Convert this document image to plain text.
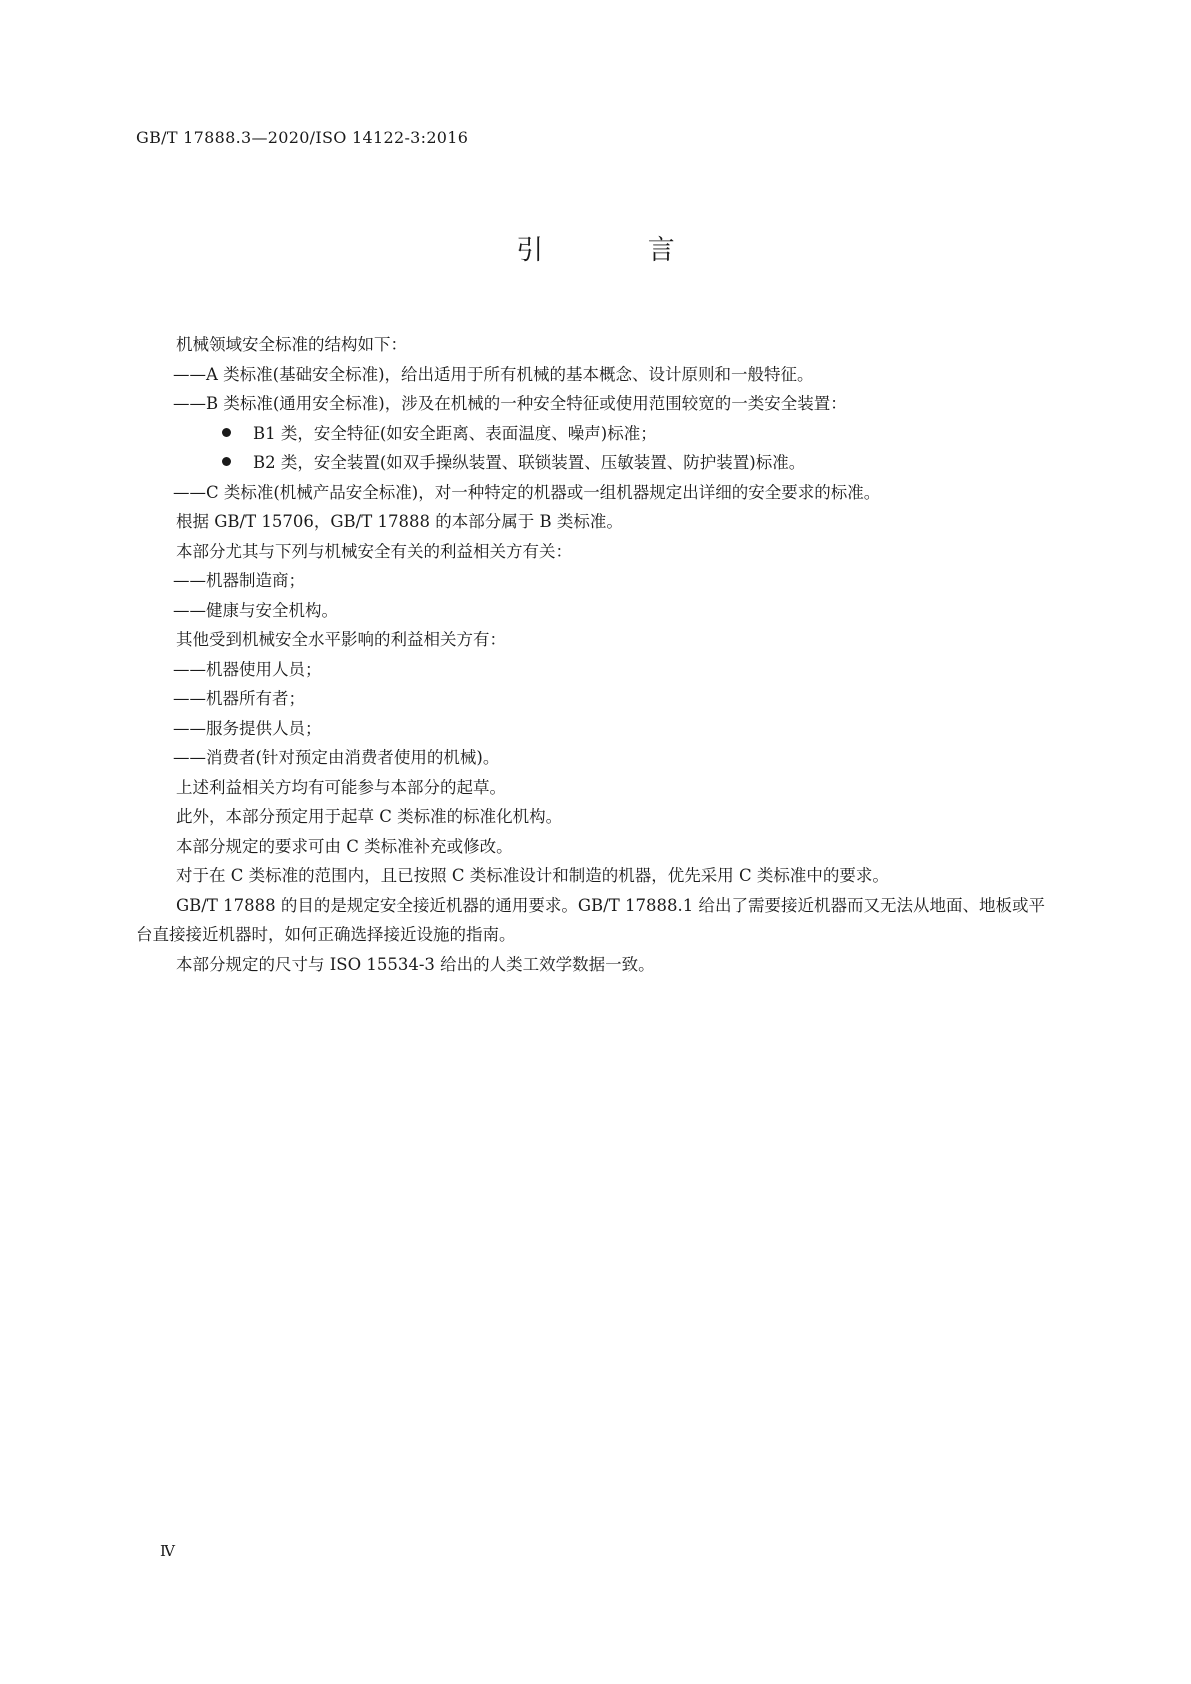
GB/T 17888.3—2020/ISO 14122-3:2016
引 言
机械领域安全标准的结构如下：
——A 类标准(基础安全标准)，给出适用于所有机械的基本概念、设计原则和一般特征。
——B 类标准(通用安全标准)，涉及在机械的一种安全特征或使用范围较宽的一类安全装置：
B1 类，安全特征(如安全距离、表面温度、噪声)标准；
B2 类，安全装置(如双手操纵装置、联锁装置、压敏装置、防护装置)标准。
——C 类标准(机械产品安全标准)，对一种特定的机器或一组机器规定出详细的安全要求的标准。
根据 GB/T 15706，GB/T 17888 的本部分属于 B 类标准。
本部分尤其与下列与机械安全有关的利益相关方有关：
——机器制造商；
——健康与安全机构。
其他受到机械安全水平影响的利益相关方有：
——机器使用人员；
——机器所有者；
——服务提供人员；
——消费者(针对预定由消费者使用的机械)。
上述利益相关方均有可能参与本部分的起草。
此外，本部分预定用于起草 C 类标准的标准化机构。
本部分规定的要求可由 C 类标准补充或修改。
对于在 C 类标准的范围内，且已按照 C 类标准设计和制造的机器，优先采用 C 类标准中的要求。
GB/T 17888 的目的是规定安全接近机器的通用要求。GB/T 17888.1 给出了需要接近机器而又无法从地面、地板或平台直接接近机器时，如何正确选择接近设施的指南。
本部分规定的尺寸与 ISO 15534-3 给出的人类工效学数据一致。
Ⅳ
